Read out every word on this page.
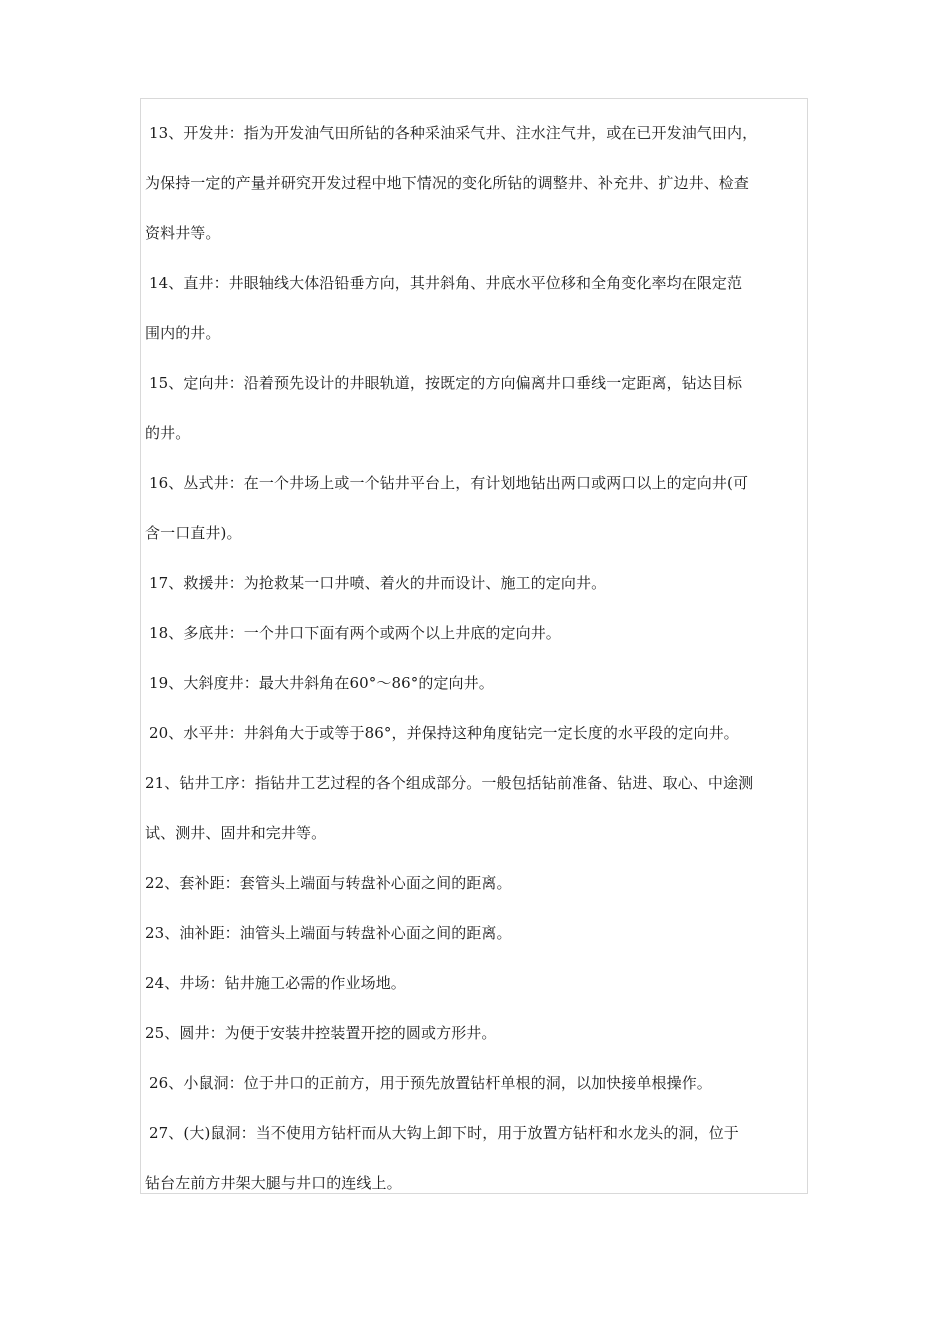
13、开发井：指为开发油气田所钻的各种采油采气井、注水注气井，或在已开发油气田内，
为保持一定的产量并研究开发过程中地下情况的变化所钻的调整井、补充井、扩边井、检查
资料井等。
14、直井：井眼轴线大体沿铅垂方向，其井斜角、井底水平位移和全角变化率均在限定范
围内的井。
15、定向井：沿着预先设计的井眼轨道，按既定的方向偏离井口垂线一定距离，钻达目标
的井。
16、丛式井：在一个井场上或一个钻井平台上，有计划地钻出两口或两口以上的定向井(可
含一口直井)。
17、救援井：为抢救某一口井喷、着火的井而设计、施工的定向井。
18、多底井：一个井口下面有两个或两个以上井底的定向井。
19、大斜度井：最大井斜角在60°～86°的定向井。
20、水平井：井斜角大于或等于86°，并保持这种角度钻完一定长度的水平段的定向井。
21、钻井工序：指钻井工艺过程的各个组成部分。一般包括钻前准备、钻进、取心、中途测
试、测井、固井和完井等。
22、套补距：套管头上端面与转盘补心面之间的距离。
23、油补距：油管头上端面与转盘补心面之间的距离。
24、井场：钻井施工必需的作业场地。
25、圆井：为便于安装井控装置开挖的圆或方形井。
26、小鼠洞：位于井口的正前方，用于预先放置钻杆单根的洞，以加快接单根操作。
27、(大)鼠洞：当不使用方钻杆而从大钩上卸下时，用于放置方钻杆和水龙头的洞，位于
钻台左前方井架大腿与井口的连线上。
